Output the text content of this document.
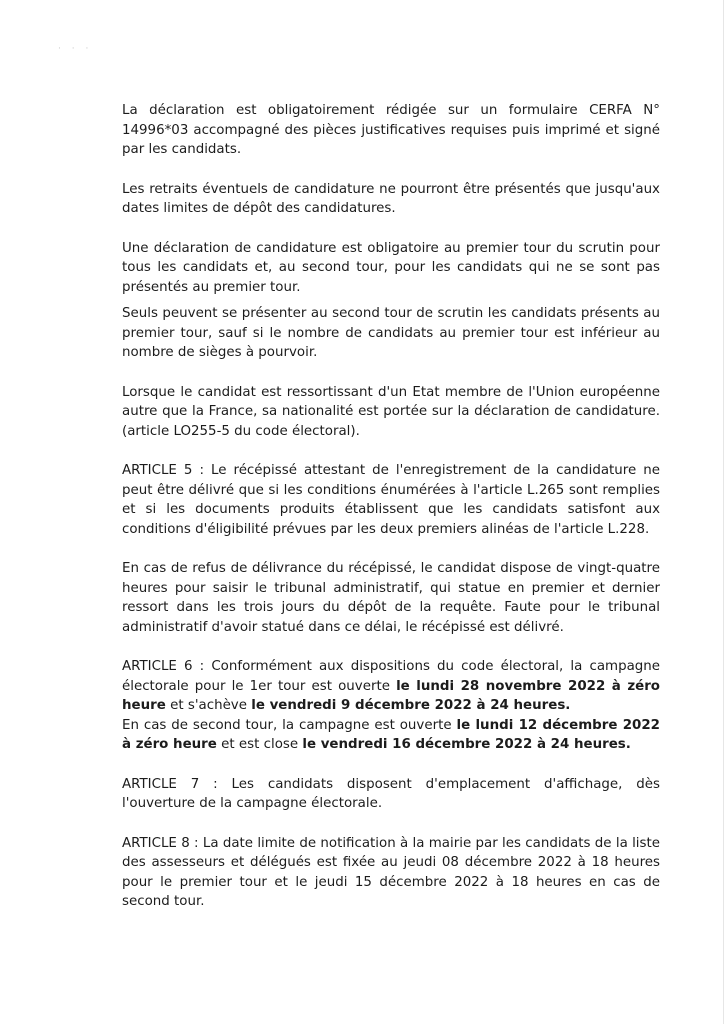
· · ·

La déclaration est obligatoirement rédigée sur un formulaire CERFA N° 14996*03 accompagné des pièces justificatives requises puis imprimé et signé par les candidats.

Les retraits éventuels de candidature ne pourront être présentés que jusqu'aux dates limites de dépôt des candidatures.

Une déclaration de candidature est obligatoire au premier tour du scrutin pour tous les candidats et, au second tour, pour les candidats qui ne se sont pas présentés au premier tour.

Seuls peuvent se présenter au second tour de scrutin les candidats présents au premier tour, sauf si le nombre de candidats au premier tour est inférieur au nombre de sièges à pourvoir.

Lorsque le candidat est ressortissant d'un Etat membre de l'Union européenne autre que la France, sa nationalité est portée sur la déclaration de candidature. (article LO255-5 du code électoral).

ARTICLE 5 : Le récépissé attestant de l'enregistrement de la candidature ne peut être délivré que si les conditions énumérées à l'article L.265 sont remplies et si les documents produits établissent que les candidats satisfont aux conditions d'éligibilité prévues par les deux premiers alinéas de l'article L.228.

En cas de refus de délivrance du récépissé, le candidat dispose de vingt-quatre heures pour saisir le tribunal administratif, qui statue en premier et dernier ressort dans les trois jours du dépôt de la requête. Faute pour le tribunal administratif d'avoir statué dans ce délai, le récépissé est délivré.

ARTICLE 6 : Conformément aux dispositions du code électoral, la campagne électorale pour le 1er tour est ouverte le lundi 28 novembre 2022 à zéro heure et s'achève le vendredi 9 décembre 2022 à 24 heures.
En cas de second tour, la campagne est ouverte le lundi 12 décembre 2022 à zéro heure et est close le vendredi 16 décembre 2022 à 24 heures.

ARTICLE 7 : Les candidats disposent d'emplacement d'affichage, dès l'ouverture de la campagne électorale.

ARTICLE 8 : La date limite de notification à la mairie par les candidats de la liste des assesseurs et délégués est fixée au jeudi 08 décembre 2022 à 18 heures pour le premier tour et le jeudi 15 décembre 2022 à 18 heures en cas de second tour.
